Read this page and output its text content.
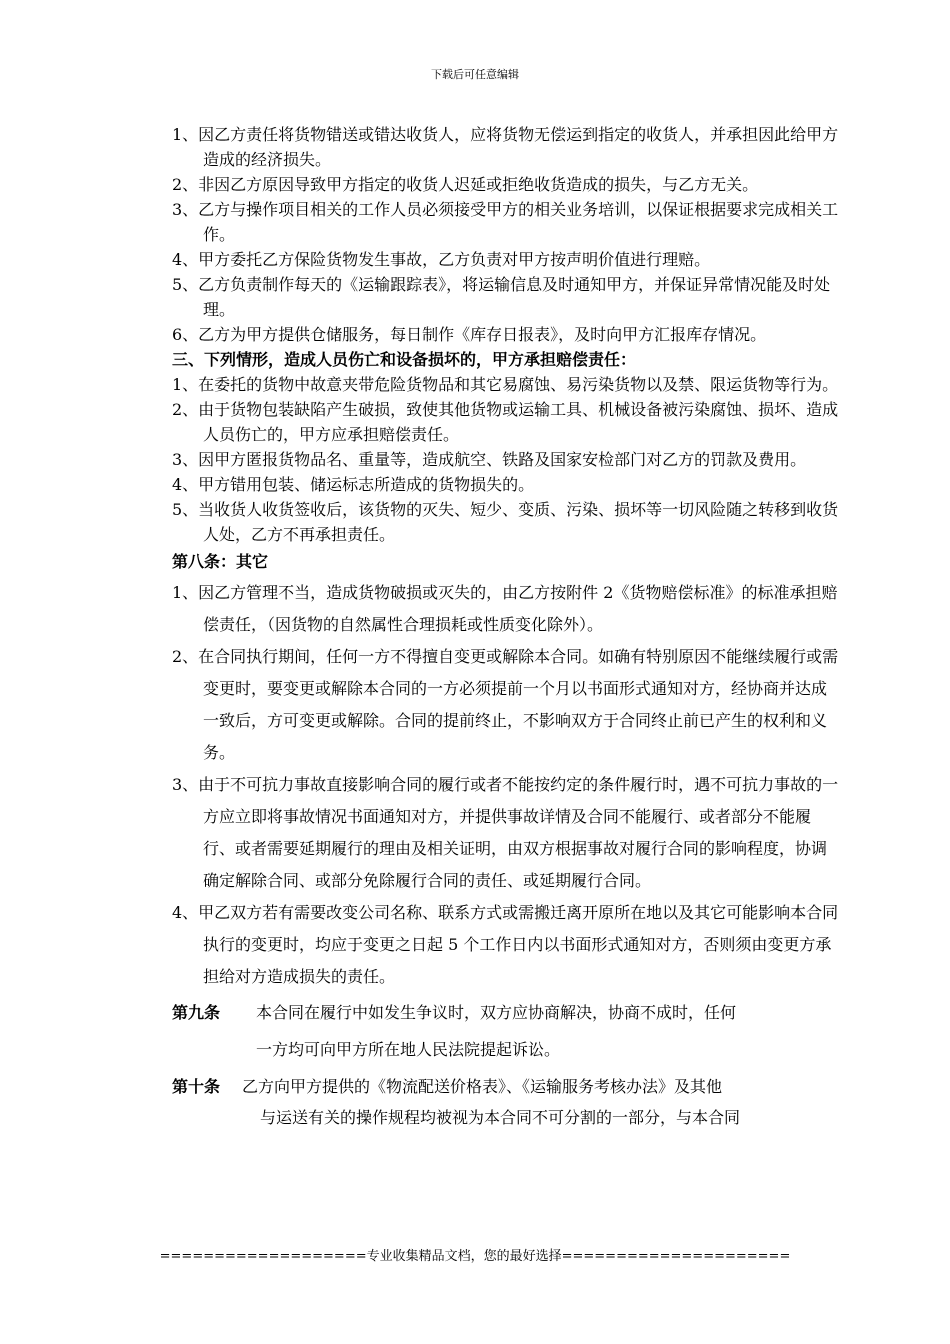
下载后可任意编辑
1、因乙方责任将货物错送或错达收货人，应将货物无偿运到指定的收货人，并承担因此给甲方造成的经济损失。
2、非因乙方原因导致甲方指定的收货人迟延或拒绝收货造成的损失，与乙方无关。
3、乙方与操作项目相关的工作人员必须接受甲方的相关业务培训，以保证根据要求完成相关工作。
4、甲方委托乙方保险货物发生事故，乙方负责对甲方按声明价值进行理赔。
5、乙方负责制作每天的《运输跟踪表》，将运输信息及时通知甲方，并保证异常情况能及时处理。
6、乙方为甲方提供仓储服务，每日制作《库存日报表》，及时向甲方汇报库存情况。
三、下列情形，造成人员伤亡和设备损坏的，甲方承担赔偿责任：
1、在委托的货物中故意夹带危险货物品和其它易腐蚀、易污染货物以及禁、限运货物等行为。
2、由于货物包装缺陷产生破损，致使其他货物或运输工具、机械设备被污染腐蚀、损坏、造成人员伤亡的，甲方应承担赔偿责任。
3、因甲方匿报货物品名、重量等，造成航空、铁路及国家安检部门对乙方的罚款及费用。
4、甲方错用包装、储运标志所造成的货物损失的。
5、当收货人收货签收后，该货物的灭失、短少、变质、污染、损坏等一切风险随之转移到收货人处，乙方不再承担责任。
第八条：其它
1、因乙方管理不当，造成货物破损或灭失的，由乙方按附件 2《货物赔偿标准》的标准承担赔偿责任，（因货物的自然属性合理损耗或性质变化除外）。
2、在合同执行期间，任何一方不得擅自变更或解除本合同。如确有特别原因不能继续履行或需变更时，要变更或解除本合同的一方必须提前一个月以书面形式通知对方，经协商并达成一致后，方可变更或解除。合同的提前终止，不影响双方于合同终止前已产生的权利和义务。
3、由于不可抗力事故直接影响合同的履行或者不能按约定的条件履行时，遇不可抗力事故的一方应立即将事故情况书面通知对方，并提供事故详情及合同不能履行、或者部分不能履行、或者需要延期履行的理由及相关证明，由双方根据事故对履行合同的影响程度，协调确定解除合同、或部分免除履行合同的责任、或延期履行合同。
4、甲乙双方若有需要改变公司名称、联系方式或需搬迁离开原所在地以及其它可能影响本合同执行的变更时，均应于变更之日起 5 个工作日内以书面形式通知对方，否则须由变更方承担给对方造成损失的责任。
第九条	本合同在履行中如发生争议时，双方应协商解决，协商不成时，任何
一方均可向甲方所在地人民法院提起诉讼。
第十条	乙方向甲方提供的《物流配送价格表》、《运输服务考核办法》及其他
与运送有关的操作规程均被视为本合同不可分割的一部分，与本合同
===================专业收集精品文档，您的最好选择=====================
